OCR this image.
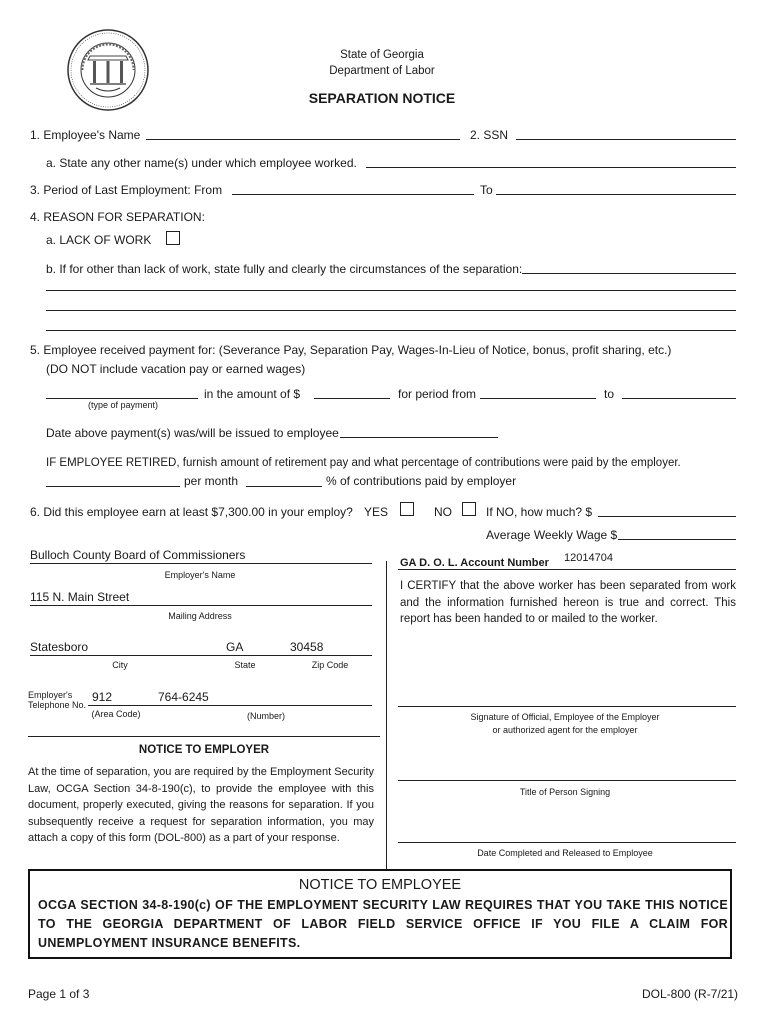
State of Georgia
Department of Labor
SEPARATION NOTICE
1. Employee's Name	2. SSN
a. State any other name(s) under which employee worked.
3. Period of Last Employment: From	To
4. REASON FOR SEPARATION:
a. LACK OF WORK
b. If for other than lack of work, state fully and clearly the circumstances of the separation:
5. Employee received payment for: (Severance Pay, Separation Pay, Wages-In-Lieu of Notice, bonus, profit sharing, etc.)
(DO NOT include vacation pay or earned wages)
in the amount of $	for period from	to
(type of payment)
Date above payment(s) was/will be issued to employee
IF EMPLOYEE RETIRED, furnish amount of retirement pay and what percentage of contributions were paid by the employer.
per month	% of contributions paid by employer
6. Did this employee earn at least $7,300.00 in your employ? YES	NO	If NO, how much? $
Average Weekly Wage $
Bulloch County Board of Commissioners
Employer's Name
115 N. Main Street
Mailing Address
Statesboro	GA	30458
City	State	Zip Code
Employer's
Telephone No.
912	764-6245
(Area Code)	(Number)
NOTICE TO EMPLOYER
At the time of separation, you are required by the Employment Security Law, OCGA Section 34-8-190(c), to provide the employee with this document, properly executed, giving the reasons for separation. If you subsequently receive a request for separation information, you may attach a copy of this form (DOL-800) as a part of your response.
GA D. O. L. Account Number 12014704
I CERTIFY that the above worker has been separated from work and the information furnished hereon is true and correct. This report has been handed to or mailed to the worker.
Signature of Official, Employee of the Employer
or authorized agent for the employer
Title of Person Signing
Date Completed and Released to Employee
NOTICE TO EMPLOYEE
OCGA SECTION 34-8-190(c) OF THE EMPLOYMENT SECURITY LAW REQUIRES THAT YOU TAKE THIS NOTICE TO THE GEORGIA DEPARTMENT OF LABOR FIELD SERVICE OFFICE IF YOU FILE A CLAIM FOR UNEMPLOYMENT INSURANCE BENEFITS.
Page 1 of 3	DOL-800 (R-7/21)
